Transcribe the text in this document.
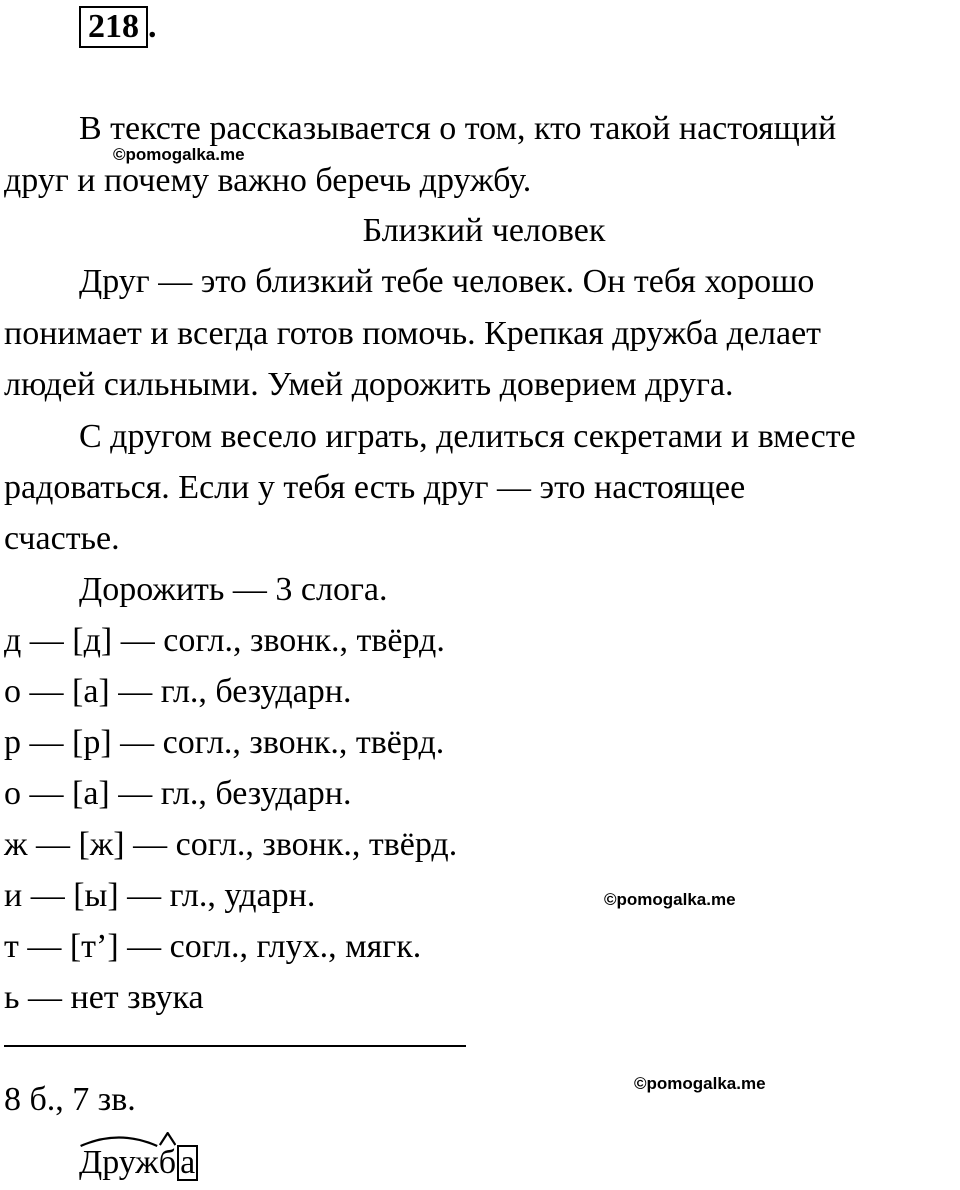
218 .
В тексте рассказывается о том, кто такой настоящий
друг и почему важно беречь дружбу.
©pomogalka.me
Близкий человек
Друг — это близкий тебе человек. Он тебя хорошо
понимает и всегда готов помочь. Крепкая дружба делает
людей сильными. Умей дорожить доверием друга.
С другом весело играть, делиться секретами и вместе
радоваться. Если у тебя есть друг — это настоящее
счастье.
Дорожить — 3 слога.
д — [д] — согл., звонк., твёрд.
о — [а] — гл., безударн.
р — [р] — согл., звонк., твёрд.
о — [а] — гл., безударн.
ж — [ж] — согл., звонк., твёрд.
и — [ы] — гл., ударн.
т — [т’] — согл., глух., мягк.
ь — нет звука
©pomogalka.me
8 б., 7 зв.	©pomogalka.me
Друж
б а
